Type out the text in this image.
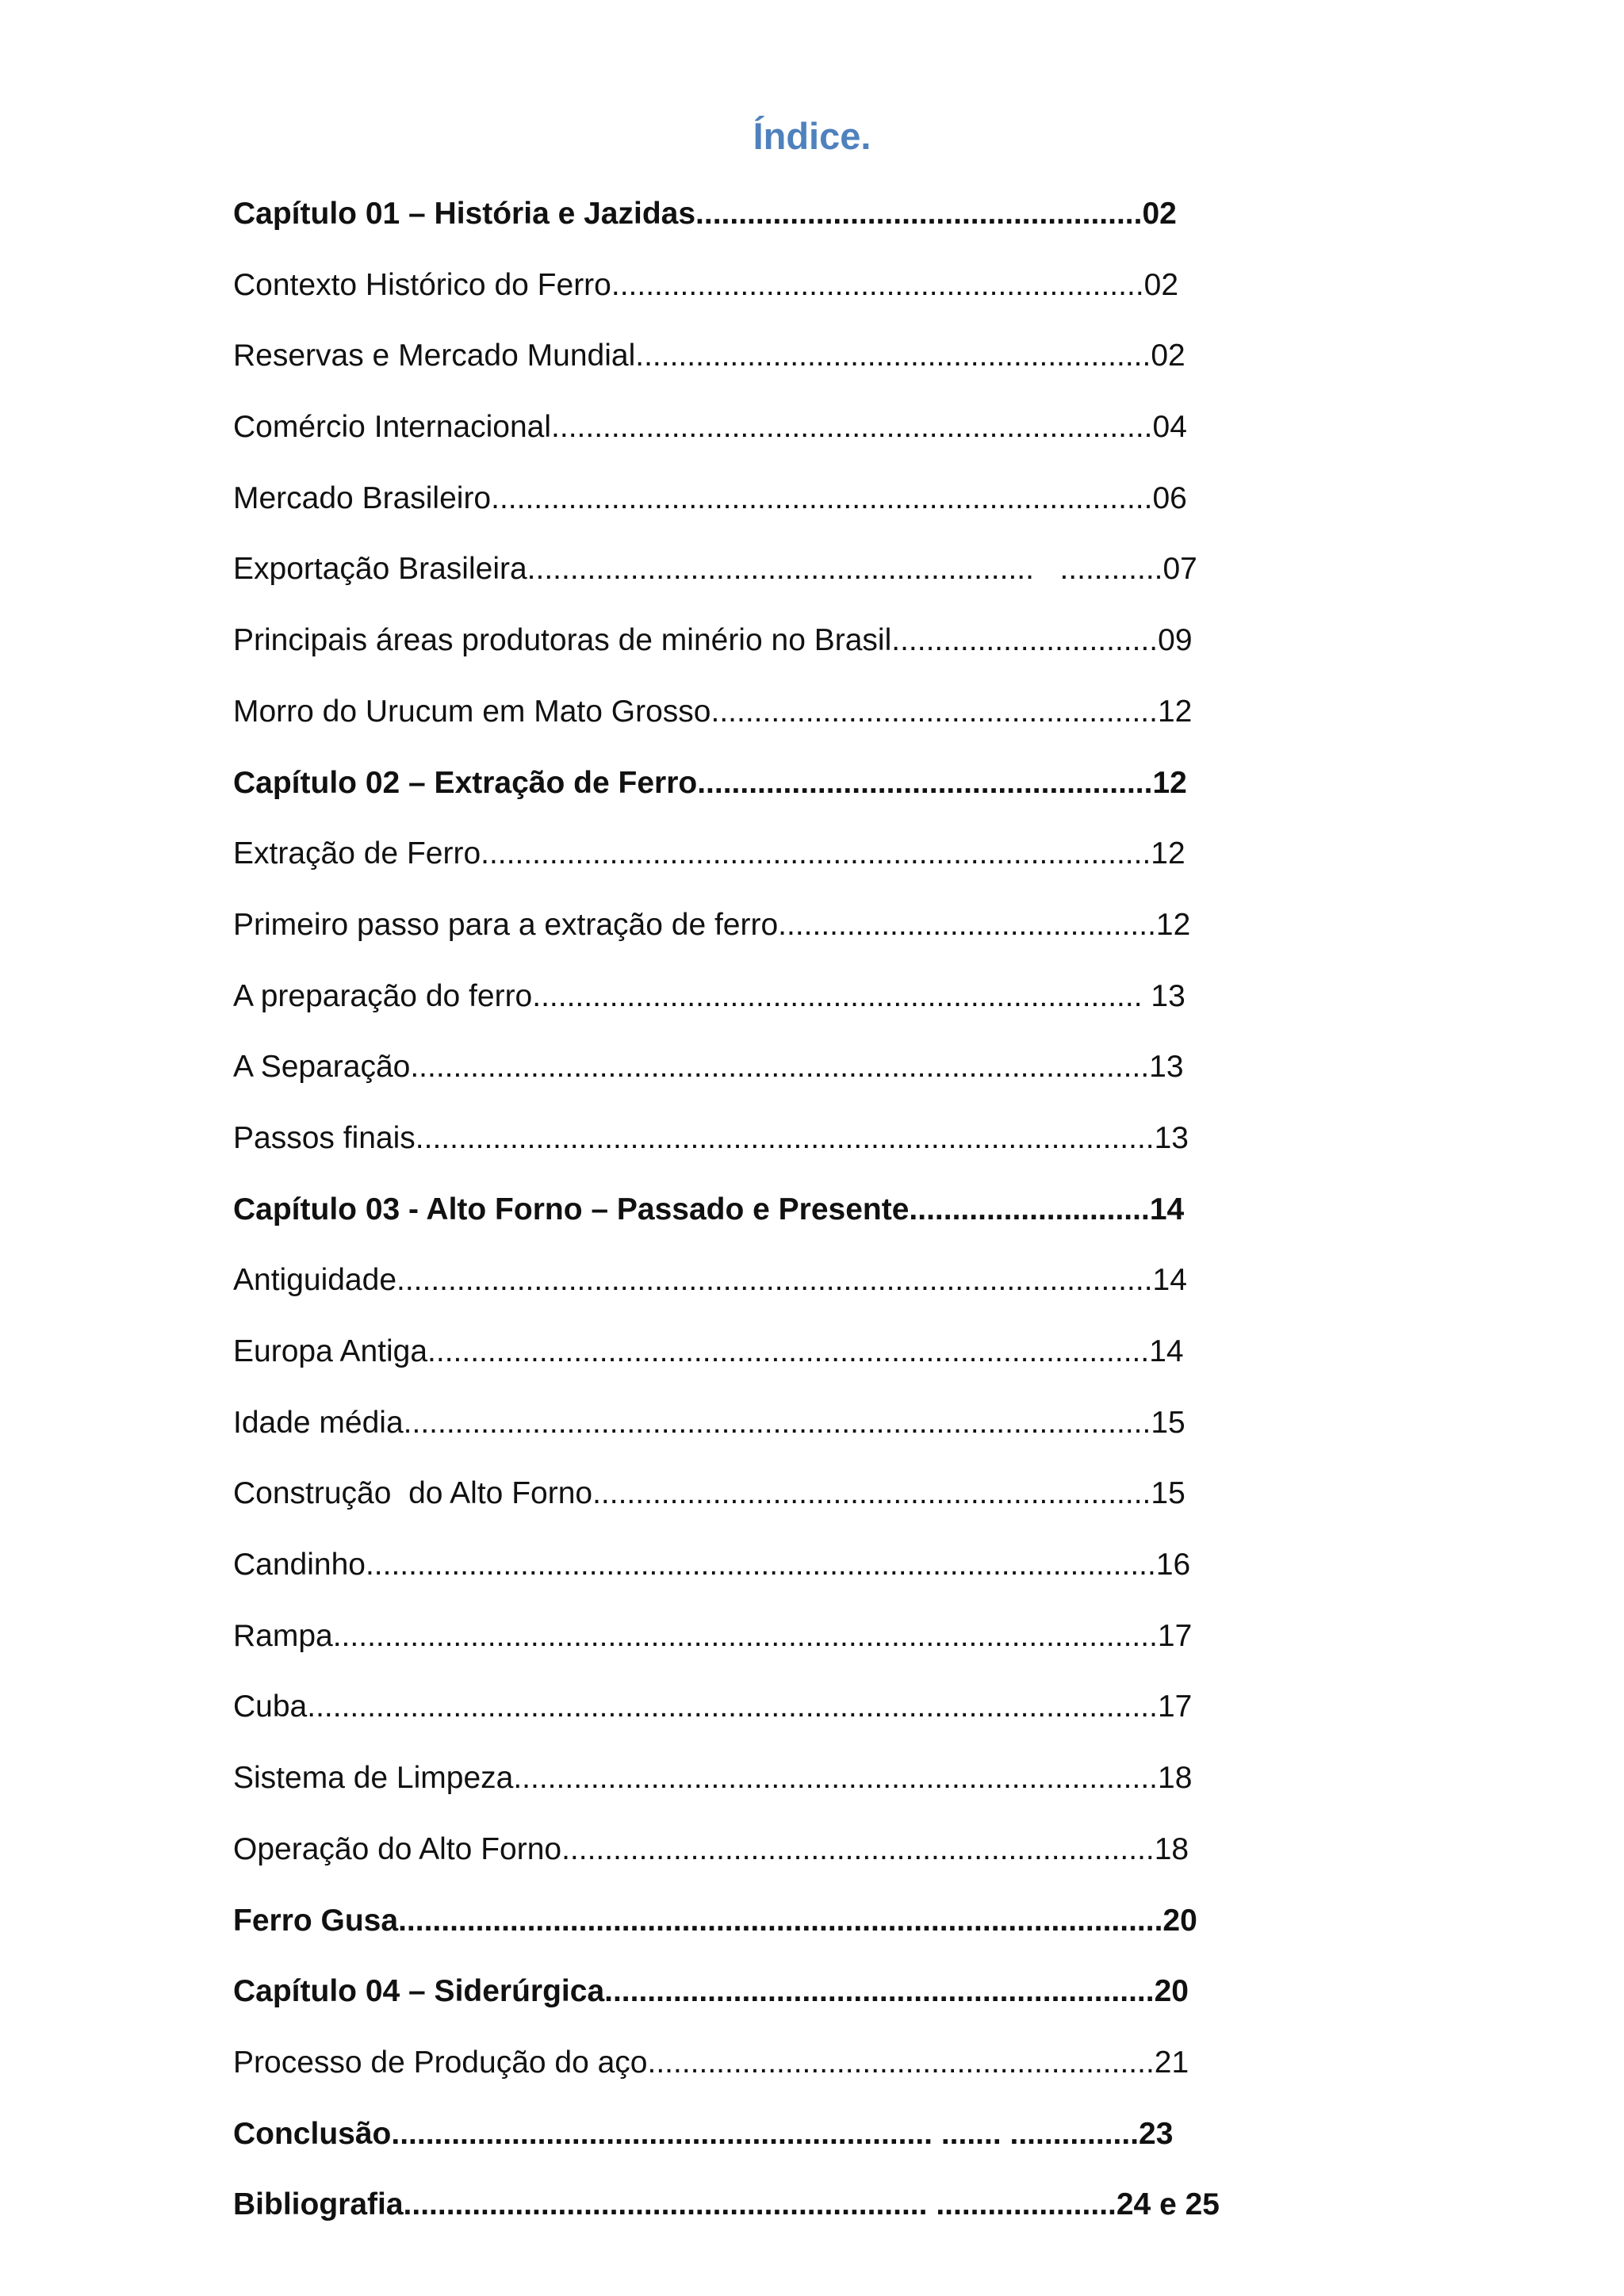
Índice.
Capítulo 01 – História e Jazidas....................................................02
Contexto Histórico do Ferro..............................................................02
Reservas e Mercado Mundial............................................................02
Comércio Internacional......................................................................04
Mercado Brasileiro.............................................................................06
Exportação Brasileira...........................................................   ............07
Principais áreas produtoras de minério no Brasil...............................09
Morro do Urucum em Mato Grosso....................................................12
Capítulo 02 – Extração de Ferro.....................................................12
Extração de Ferro..............................................................................12
Primeiro passo para a extração de ferro............................................12
A preparação do ferro....................................................................... 13
A Separação......................................................................................13
Passos finais......................................................................................13
Capítulo 03 - Alto Forno – Passado e Presente............................14
Antiguidade........................................................................................14
Europa Antiga....................................................................................14
Idade média.......................................................................................15
Construção  do Alto Forno.................................................................15
Candinho............................................................................................16
Rampa................................................................................................17
Cuba...................................................................................................17
Sistema de Limpeza...........................................................................18
Operação do Alto Forno.....................................................................18
Ferro Gusa.........................................................................................20
Capítulo 04 – Siderúrgica................................................................20
Processo de Produção do aço...........................................................21
Conclusão............................................................... ....... ...............23
Bibliografia............................................................. .....................24 e 25
